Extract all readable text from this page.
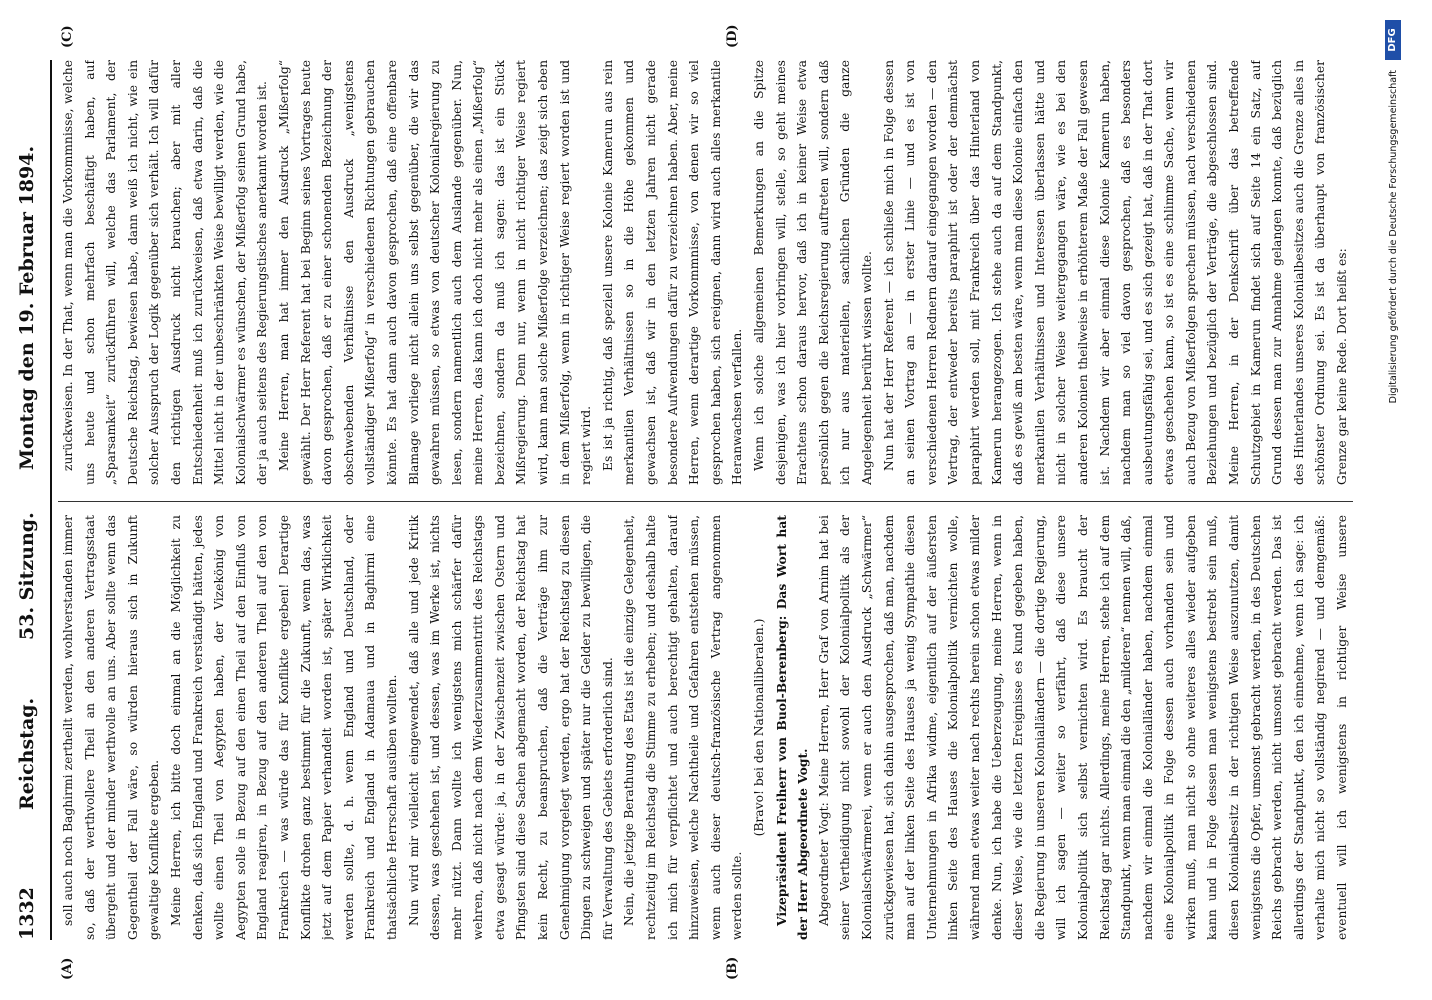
1332
Reichstag.
53. Sitzung.
Montag den 19. Februar 1894.
(A)	(B)
(C)	(D)

soll auch noch Baghirmi zertheilt werden, wohlverstanden immer so, daß der werthvollere Theil an den anderen Vertragsstaat übergeht und der minder werthvolle an uns. Aber sollte wenn das Gegentheil der Fall wäre, so würden hieraus sich in Zukunft gewaltige Konflikte ergeben. Meine Herren, ich bitte doch einmal an die Möglichkeit zu denken, daß sich England und Frankreich verständigt hätten, jedes wollte einen Theil von Aegypten haben, der Vizekönig von Aegypten solle in Bezug auf den einen Theil auf den Einfluß von England reagiren, in Bezug auf den anderen Theil auf den von Frankreich — was würde das für Konflikte ergeben! Derartige Konflikte drohen ganz bestimmt für die Zukunft, wenn das, was jetzt auf dem Papier verhandelt worden ist, später Wirklichkeit werden sollte, d. h. wenn England und Deutschland, oder Frankreich und England in Adamaua und in Baghirmi eine thatsächliche Herrschaft ausüben wollten. Nun wird mir vielleicht eingewendet, daß alle und jede Kritik dessen, was geschehen ist, und dessen, was im Werke ist, nichts mehr nützt. Dann wollte ich wenigstens mich schärfer dafür wehren, daß nicht nach dem Wiederzusammentritt des Reichstags etwa gesagt würde: ja, in der Zwischenzeit zwischen Ostern und Pfingsten sind diese Sachen abgemacht worden, der Reichstag hat kein Recht, zu beanspruchen, daß die Verträge ihm zur Genehmigung vorgelegt werden, ergo hat der Reichstag zu diesen Dingen zu schweigen und später nur die Gelder zu bewilligen, die für Verwaltung des Gebiets erforderlich sind. Nein, die jetzige Berathung des Etats ist die einzige Gelegenheit, rechtzeitig im Reichstag die Stimme zu erheben; und deshalb halte ich mich für verpflichtet und auch berechtigt gehalten, darauf hinzuweisen, welche Nachtheile und Gefahren entstehen müssen, wenn auch dieser deutsch-französische Vertrag angenommen werden sollte.

(Bravo! bei den Nationalliberalen.) Vizepräsident Freiherr von Buol-Berenberg: Das Wort hat der Herr Abgeordnete Vogt. Abgeordneter Vogt: Meine Herren, Herr Graf von Arnim hat bei seiner Vertheidigung nicht sowohl der Kolonialpolitik als der Kolonialschwärmerei, wenn er auch den Ausdruck „Schwärmer“ zurückgewiesen hat, sich dahin ausgesprochen, daß man, nachdem man auf der linken Seite des Hauses ja wenig Sympathie diesen Unternehmungen in Afrika widme, eigentlich auf der äußersten linken Seite des Hauses die Kolonialpolitik vernichten wolle, während man etwas weiter nach rechts herein schon etwas milder denke. Nun, ich habe die Ueberzeugung, meine Herren, wenn in dieser Weise, wie die letzten Ereignisse es kund gegeben haben, die Regierung in unseren Kolonialländern — die dortige Regierung, will ich sagen — weiter so verfährt, daß diese unsere Kolonialpolitik sich selbst vernichten wird. Es braucht der Reichstag gar nichts. Allerdings, meine Herren, stehe ich auf dem Standpunkt, wenn man einmal die den „milderen“ nennen will, daß, nachdem wir einmal die Kolonialländer haben, nachdem einmal eine Kolonialpolitik in Folge dessen auch vorhanden sein und wirken muß, man nicht so ohne weiteres alles wieder aufgeben kann und in Folge dessen man wenigstens bestrebt sein muß, diesen Kolonialbesitz in der richtigen Weise auszunutzen, damit wenigstens die Opfer, umsonst gebracht werden, in des Deutschen Reichs gebracht werden, nicht umsonst gebracht werden. Das ist allerdings der Standpunkt, den ich einnehme, wenn ich sage: ich verhalte mich nicht so vollständig negirend — und demgemäß: eventuell will ich wenigstens in richtiger Weise unsere

zurückweisen. In der That, wenn man die Vorkommnisse, welche uns heute und schon mehrfach beschäftigt haben, auf „Sparsamkeit“ zurückführen will, welche das Parlament, der Deutsche Reichstag, bewiesen habe, dann weiß ich nicht, wie ein solcher Ausspruch der Logik gegenüber sich verhält. Ich will dafür den richtigen Ausdruck nicht brauchen; aber mit aller Entschiedenheit muß ich zurückweisen, daß etwa darin, daß die Mittel nicht in der unbeschränkten Weise bewilligt werden, wie die Kolonialschwärmer es wünschen, der Mißerfolg seinen Grund habe, der ja auch seitens des Regierungstisches anerkannt worden ist. Meine Herren, man hat immer den Ausdruck „Mißerfolg“ gewählt. Der Herr Referent hat bei Beginn seines Vortrages heute davon gesprochen, daß er zu einer schonenden Bezeichnung der obschwebenden Verhältnisse den Ausdruck „wenigstens vollständiger Mißerfolg“ in verschiedenen Richtungen gebrauchen könnte. Es hat dann auch davon gesprochen, daß eine offenbare Blamage vorliege nicht allein uns selbst gegenüber, die wir das gewahren müssen, so etwas von deutscher Kolonialregierung zu lesen, sondern namentlich auch dem Auslande gegenüber. Nun, meine Herren, das kann ich doch nicht mehr als einen „Mißerfolg“ bezeichnen, sondern da muß ich sagen: das ist ein Stück Mißregierung. Denn nur, wenn in nicht richtiger Weise regiert wird, kann man solche Mißerfolge verzeichnen; das zeigt sich eben in dem Mißerfolg, wenn in richtiger Weise regiert worden ist und regiert wird. Es ist ja richtig, daß speziell unsere Kolonie Kamerun aus rein merkantilen Verhältnissen so in die Höhe gekommen und gewachsen ist, daß wir in den letzten Jahren nicht gerade besondere Aufwendungen dafür zu verzeichnen haben. Aber, meine Herren, wenn derartige Vorkommnisse, von denen wir so viel gesprochen haben, sich ereignen, dann wird auch alles merkantile Heranwachsen verfallen. Wenn ich solche allgemeinen Bemerkungen an die Spitze desjenigen, was ich hier vorbringen will, stelle, so geht meines Erachtens schon daraus hervor, daß ich in keiner Weise etwa persönlich gegen die Reichsregierung auftreten will, sondern daß ich nur aus materiellen, sachlichen Gründen die ganze Angelegenheit berührt wissen wollte. Nun hat der Herr Referent — ich schließe mich in Folge dessen an seinen Vortrag an — in erster Linie — und es ist von verschiedenen Herren Rednern darauf eingegangen worden — den Vertrag, der entweder bereits paraphirt ist oder der demnächst paraphirt werden soll, mit Frankreich über das Hinterland von Kamerun herangezogen. Ich stehe auch da auf dem Standpunkt, daß es gewiß am besten wäre, wenn man diese Kolonie einfach den merkantilen Verhältnissen und Interessen überlassen hätte und nicht in solcher Weise weitergegangen wäre, wie es bei den anderen Kolonien theilweise in erhöhterem Maße der Fall gewesen ist. Nachdem wir aber einmal diese Kolonie Kamerun haben, nachdem man so viel davon gesprochen, daß es besonders ausbeutungsfähig sei, und es sich gezeigt hat, daß in der That dort etwas geschehen kann, so ist es eine schlimme Sache, wenn wir auch Bezug von Mißerfolgen sprechen müssen, nach verschiedenen Beziehungen und bezüglich der Verträge, die abgeschlossen sind. Meine Herren, in der Denkschrift über das betreffende Schutzgebiet in Kamerun findet sich auf Seite 14 ein Satz, auf Grund dessen man zur Annahme gelangen konnte, daß bezüglich des Hinterlandes unseres Kolonialbesitzes auch die Grenze alles in schönster Ordnung sei. Es ist da überhaupt von französischer Grenze gar keine Rede. Dort heißt es:	Digitalisierung gefördert durch die Deutsche Forschungsgemeinschaft
DFG
